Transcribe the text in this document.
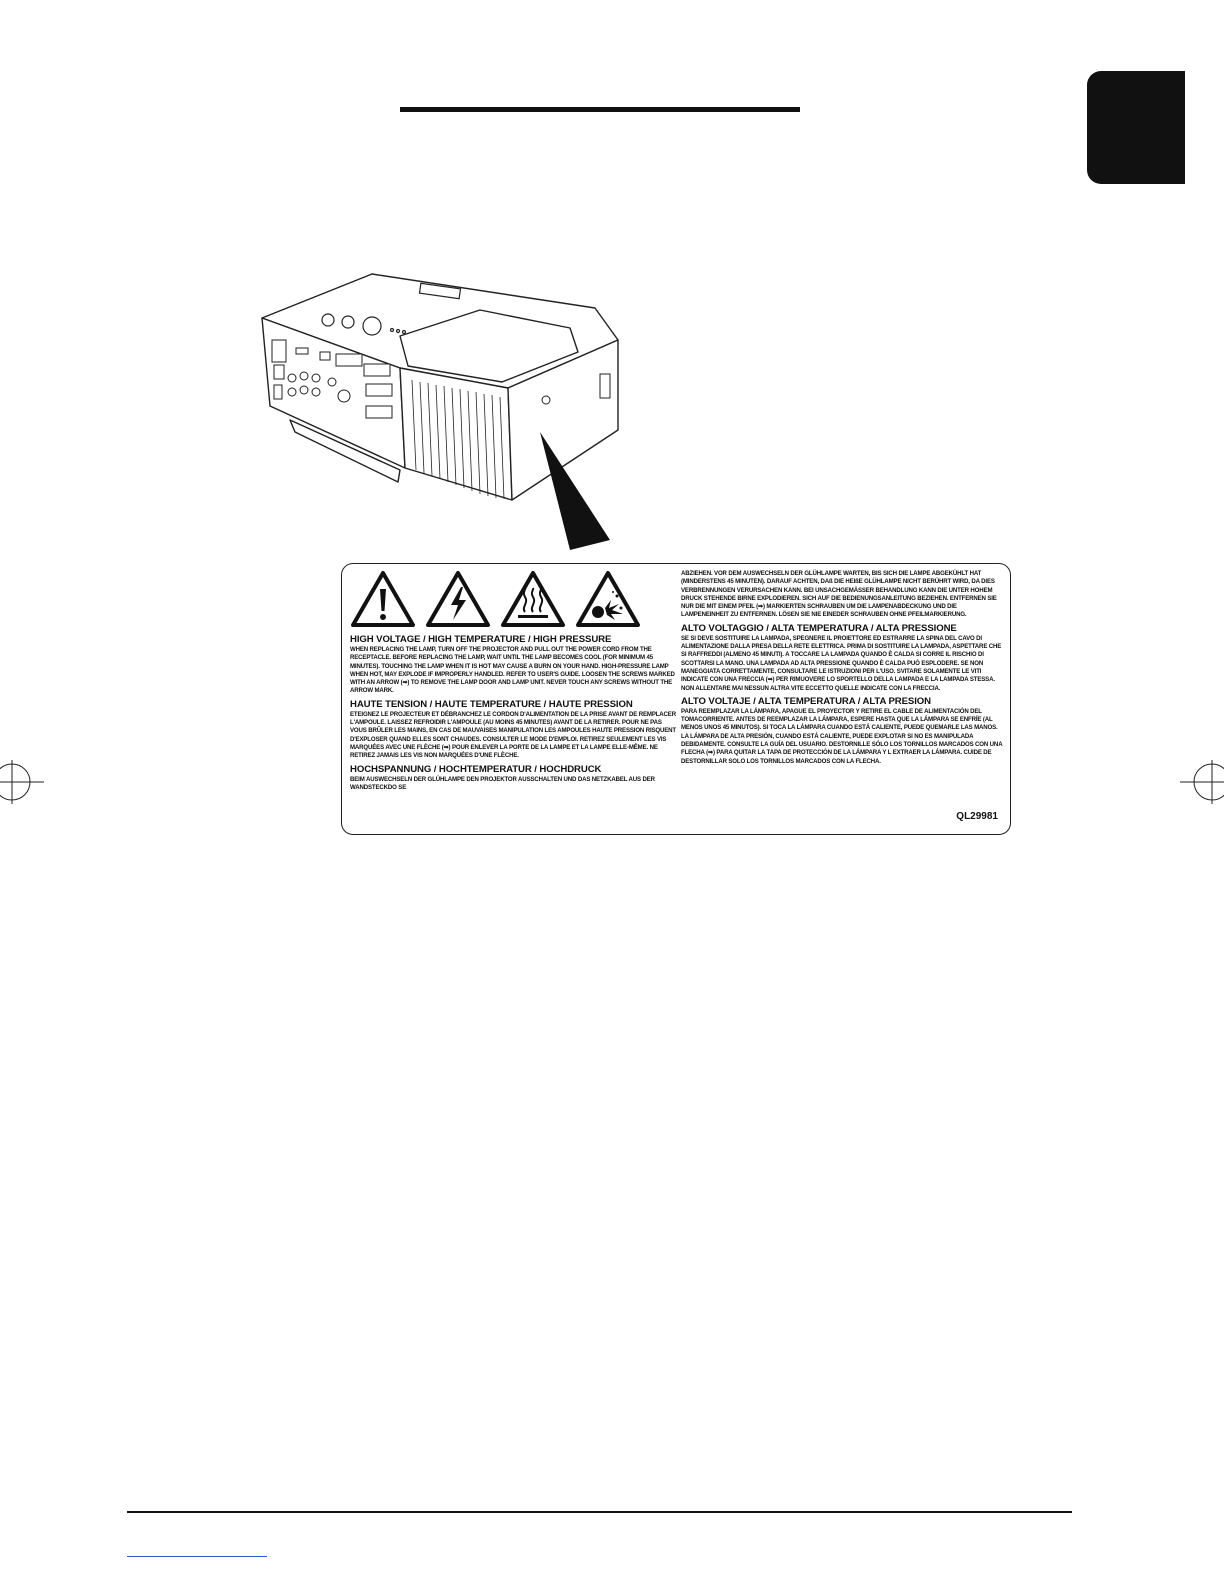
HIGH VOLTAGE / HIGH TEMPERATURE / HIGH PRESSURE

WHEN REPLACING THE LAMP, TURN OFF THE PROJECTOR AND PULL OUT THE POWER CORD FROM THE RECEPTACLE. BEFORE REPLACING THE LAMP, WAIT UNTIL THE LAMP BECOMES COOL (FOR MINIMUM 45 MINUTES). TOUCHING THE LAMP WHEN IT IS HOT MAY CAUSE A BURN ON YOUR HAND. HIGH-PRESSURE LAMP WHEN HOT, MAY EXPLODE IF IMPROPERLY HANDLED. REFER TO USER'S GUIDE. LOOSEN THE SCREWS MARKED WITH AN ARROW (➡) TO REMOVE THE LAMP DOOR AND LAMP UNIT. NEVER TOUCH ANY SCREWS WITHOUT THE ARROW MARK.

HAUTE TENSION / HAUTE TEMPERATURE / HAUTE PRESSION

ETEIGNEZ LE PROJECTEUR ET DÉBRANCHEZ LE CORDON D'ALIMENTATION DE LA PRISE AVANT DE REMPLACER L'AMPOULE. LAISSEZ REFROIDIR L'AMPOULE (AU MOINS 45 MINUTES) AVANT DE LA RETIRER. POUR NE PAS VOUS BRÛLER LES MAINS, EN CAS DE MAUVAISES MANIPULATION LES AMPOULES HAUTE PRESSION RISQUENT D'EXPLOSER QUAND ELLES SONT CHAUDES. CONSULTER LE MODE D'EMPLOI. RETIREZ SEULEMENT LES VIS MARQUÉES AVEC UNE FLÈCHE (➡) POUR ENLEVER LA PORTE DE LA LAMPE ET LA LAMPE ELLE-MÊME. NE RETIREZ JAMAIS LES VIS NON MARQUÉES D'UNE FLÈCHE.

HOCHSPANNUNG / HOCHTEMPERATUR / HOCHDRUCK

BEIM AUSWECHSELN DER GLÜHLAMPE DEN PROJEKTOR AUSSCHALTEN UND DAS NETZKABEL AUS DER WANDSTECKDO SE

ABZIEHEN. VOR DEM AUSWECHSELN DER GLÜHLAMPE WARTEN, BIS SICH DIE LAMPE ABGEKÜHLT HAT (MINDERSTENS 45 MINUTEN). DARAUF ACHTEN, DAß DIE HEIßE GLÜHLAMPE NICHT BERÜHRT WIRD, DA DIES VERBRENNUNGEN VERURSACHEN KANN. BEI UNSACHGEMÄSSER BEHANDLUNG KANN DIE UNTER HOHEM DRUCK STEHENDE BIRNE EXPLODIEREN. SICH AUF DIE BEDIENUNGSANLEITUNG BEZIEHEN. ENTFERNEN SIE NUR DIE MIT EINEM PFEIL (➡) MARKIERTEN SCHRAUBEN UM DIE LAMPENABDECKUNG UND DIE LAMPENEINHEIT ZU ENTFERNEN. LÖSEN SIE NIE EINEDER SCHRAUBEN OHNE PFEILMARKIERUNG.

ALTO VOLTAGGIO / ALTA TEMPERATURA / ALTA PRESSIONE

SE SI DEVE SOSTITUIRE LA LAMPADA, SPEGNERE IL PROIETTORE ED ESTRARRE LA SPINA DEL CAVO DI ALIMENTAZIONE DALLA PRESA DELLA RETE ELETTRICA. PRIMA DI SOSTITUIRE LA LAMPADA, ASPETTARE CHE SI RAFFREDDI (ALMENO 45 MINUTI). A TOCCARE LA LAMPADA QUANDO È CALDA SI CORRE IL RISCHIO DI SCOTTARSI LA MANO. UNA LAMPADA AD ALTA PRESSIONE QUANDO È CALDA PUÒ ESPLODERE. SE NON MANEGGIATA CORRETTAMENTE, CONSULTARE LE ISTRUZIONI PER L'USO. SVITARE SOLAMENTE LE VITI INDICATE CON UNA FRECCIA (➡) PER RIMUOVERE LO SPORTELLO DELLA LAMPADA E LA LAMPADA STESSA. NON ALLENTARE MAI NESSUN ALTRA VITE ECCETTO QUELLE INDICATE CON LA FRECCIA.

ALTO VOLTAJE / ALTA TEMPERATURA / ALTA PRESION

PARA REEMPLAZAR LA LÁMPARA, APAGUE EL PROYECTOR Y RETIRE EL CABLE DE ALIMENTACIÓN DEL TOMACORRIENTE. ANTES DE REEMPLAZAR LA LÁMPARA, ESPERE HASTA QUE LA LÁMPARA SE ENFRÍE (AL MENOS UNOS 45 MINUTOS). SI TOCA LA LÁMPARA CUANDO ESTÁ CALIENTE, PUEDE QUEMARLE LAS MANOS. LA LÁMPARA DE ALTA PRESIÓN, CUANDO ESTÁ CALIENTE, PUEDE EXPLOTAR SI NO ES MANIPULADA DEBIDAMENTE. CONSULTE LA GUÍA DEL USUARIO. DESTORNILLE SÓLO LOS TORNILLOS MARCADOS CON UNA FLECHA (➡) PARA QUITAR LA TAPA DE PROTECCIÓN DE LA LÁMPARA Y L EXTRAER LA LÁMPARA. CUIDE DE DESTORNILLAR SOLO LOS TORNILLOS MARCADOS CON LA FLECHA.

QL29981
